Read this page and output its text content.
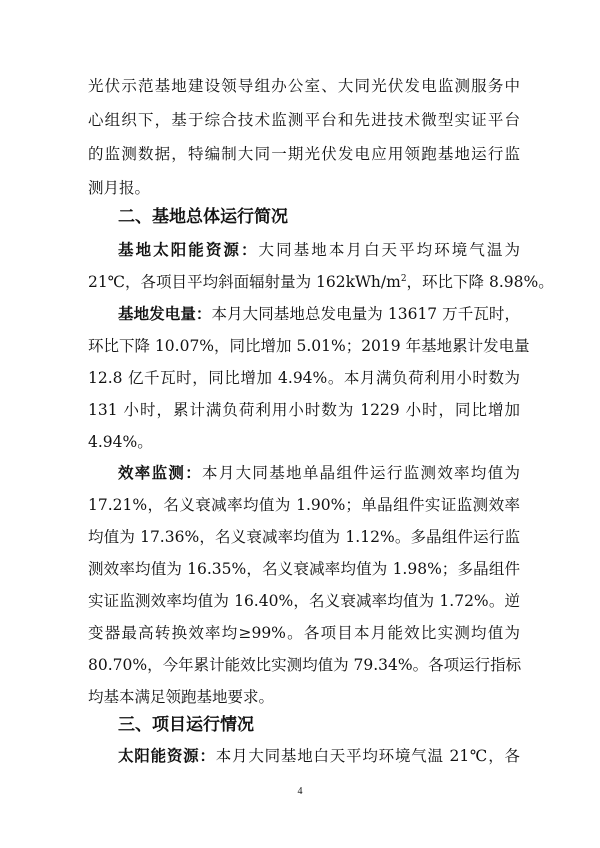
光伏示范基地建设领导组办公室、大同光伏发电监测服务中
心组织下，基于综合技术监测平台和先进技术微型实证平台
的监测数据，特编制大同一期光伏发电应用领跑基地运行监
测月报。
二、基地总体运行简况
基地太阳能资源：大同基地本月白天平均环境气温为
21℃，各项目平均斜面辐射量为 $162kWh/m^2$，环比下降 8.98%。
基地发电量：本月大同基地总发电量为 13617 万千瓦时，
环比下降 10.07%，同比增加 5.01%；2019 年基地累计发电量
12.8 亿千瓦时，同比增加 4.94%。本月满负荷利用小时数为
131 小时，累计满负荷利用小时数为 1229 小时，同比增加
4.94%。
效率监测：本月大同基地单晶组件运行监测效率均值为
17.21%，名义衰减率均值为 1.90%；单晶组件实证监测效率
均值为 17.36%，名义衰减率均值为 1.12%。多晶组件运行监
测效率均值为 16.35%，名义衰减率均值为 1.98%；多晶组件
实证监测效率均值为 16.40%，名义衰减率均值为 1.72%。逆
变器最高转换效率均≥99%。各项目本月能效比实测均值为
80.70%，今年累计能效比实测均值为 79.34%。各项运行指标
均基本满足领跑基地要求。
三、项目运行情况
太阳能资源：本月大同基地白天平均环境气温 21℃，各
4
